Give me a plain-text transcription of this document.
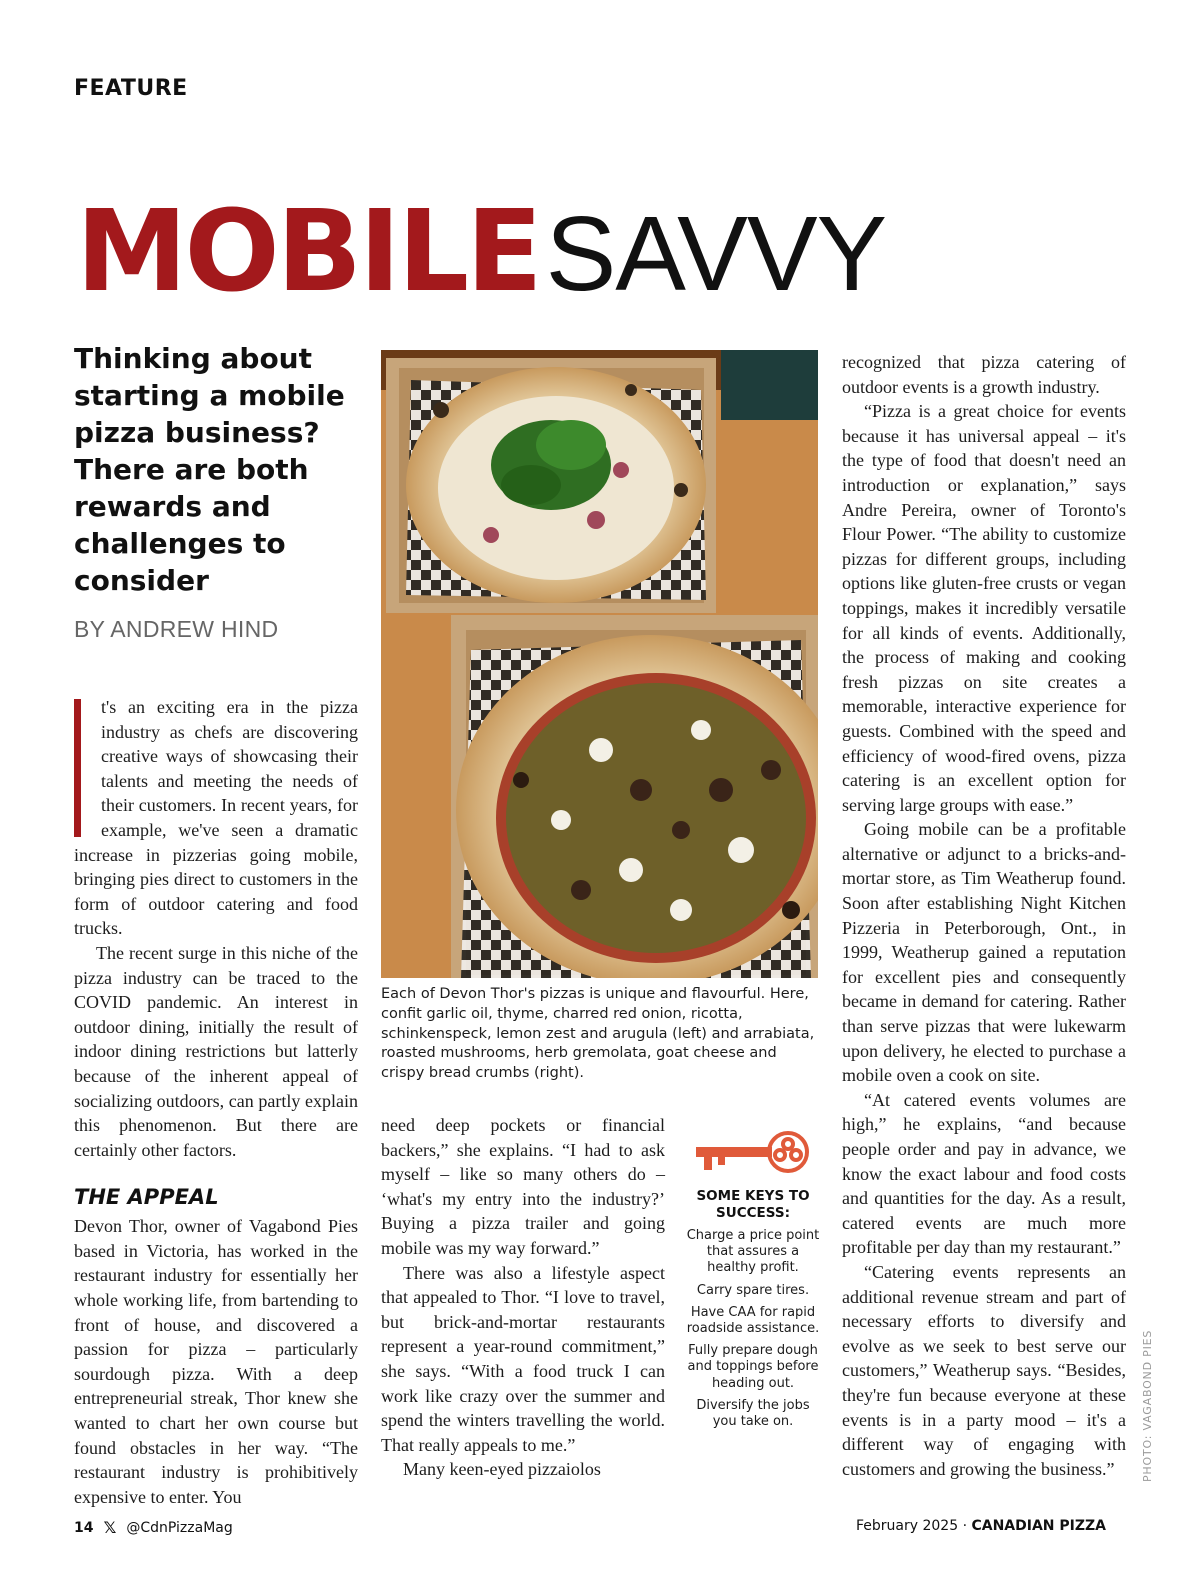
FEATURE
MOBILESAVVY
Thinking about starting a mobile pizza business? There are both rewards and challenges to consider
BY ANDREW HIND

t's an exciting era in the pizza industry as chefs are discovering creative ways of showcasing their talents and meeting the needs of their customers. In recent years, for example, we've seen a dramatic increase in pizzerias going mobile, bringing pies direct to customers in the form of outdoor catering and food trucks.

The recent surge in this niche of the pizza industry can be traced to the COVID pandemic. An interest in outdoor dining, initially the result of indoor dining restrictions but latterly because of the inherent appeal of socializing outdoors, can partly explain this phenomenon. But there are certainly other factors.

THE APPEAL

Devon Thor, owner of Vagabond Pies based in Victoria, has worked in the restaurant industry for essentially her whole working life, from bartending to front of house, and discovered a passion for pizza – particularly sourdough pizza. With a deep entrepreneurial streak, Thor knew she wanted to chart her own course but found obstacles in her way. “The restaurant industry is prohibitively expensive to enter. You

Each of Devon Thor's pizzas is unique and flavourful. Here, confit garlic oil, thyme, charred red onion, ricotta, schinkenspeck, lemon zest and arugula (left) and arrabiata, roasted mushrooms, herb gremolata, goat cheese and crispy bread crumbs (right).

need deep pockets or financial backers,” she explains. “I had to ask myself – like so many others do – ‘what's my entry into the industry?’ Buying a pizza trailer and going mobile was my way forward.”

There was also a lifestyle aspect that appealed to Thor. “I love to travel, but brick-and-mortar restaurants represent a year-round commitment,” she says. “With a food truck I can work like crazy over the summer and spend the winters travelling the world. That really appeals to me.”

Many keen-eyed pizzaiolos

SOME KEYS TO SUCCESS:
Charge a price point that assures a healthy profit.
Carry spare tires.
Have CAA for rapid roadside assistance.
Fully prepare dough and toppings before heading out.
Diversify the jobs you take on.

recognized that pizza catering of outdoor events is a growth industry.

“Pizza is a great choice for events because it has universal appeal – it's the type of food that doesn't need an introduction or explanation,” says Andre Pereira, owner of Toronto's Flour Power. “The ability to customize pizzas for different groups, including options like gluten-free crusts or vegan toppings, makes it incredibly versatile for all kinds of events. Additionally, the process of making and cooking fresh pizzas on site creates a memorable, interactive experience for guests. Combined with the speed and efficiency of wood-fired ovens, pizza catering is an excellent option for serving large groups with ease.”

Going mobile can be a profitable alternative or adjunct to a bricks-and-mortar store, as Tim Weatherup found. Soon after establishing Night Kitchen Pizzeria in Peterborough, Ont., in 1999, Weatherup gained a reputation for excellent pies and consequently became in demand for catering. Rather than serve pizzas that were lukewarm upon delivery, he elected to purchase a mobile oven a cook on site.

“At catered events volumes are high,” he explains, “and because people order and pay in advance, we know the exact labour and food costs and quantities for the day. As a result, catered events are much more profitable per day than my restaurant.”

“Catering events represents an additional revenue stream and part of necessary efforts to diversify and evolve as we seek to best serve our customers,” Weatherup says. “Besides, they're fun because everyone at these events is in a party mood – it's a different way of engaging with customers and growing the business.”	PHOTO: VAGABOND PIES
14 𝕏 @CdnPizzaMag	February 2025 · CANADIAN PIZZA
